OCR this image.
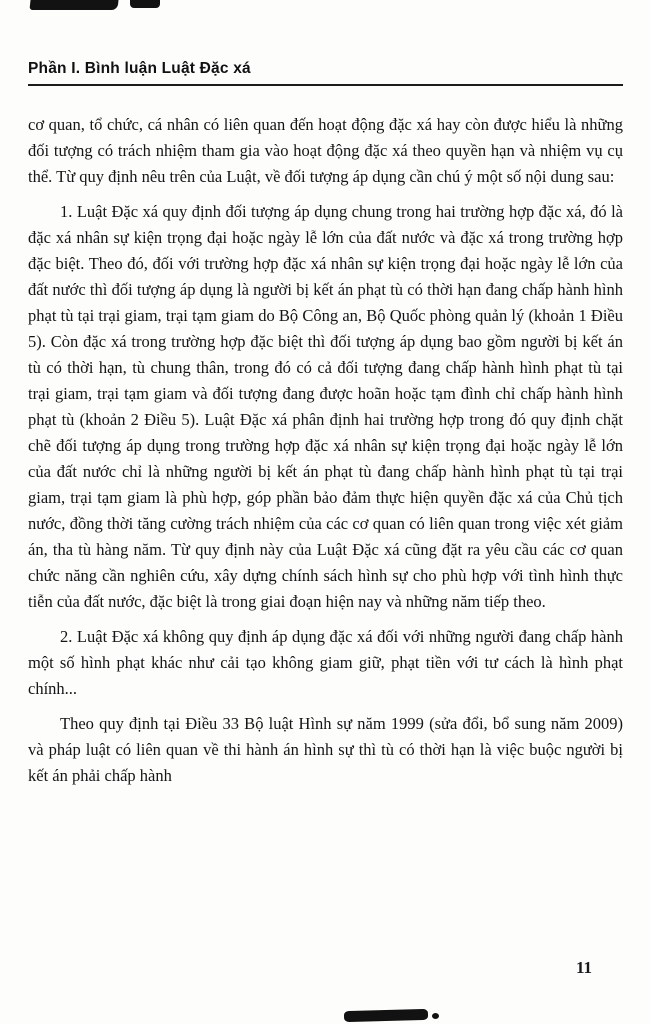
Phần I. Bình luận Luật Đặc xá

cơ quan, tổ chức, cá nhân có liên quan đến hoạt động đặc xá hay còn được hiểu là những đối tượng có trách nhiệm tham gia vào hoạt động đặc xá theo quyền hạn và nhiệm vụ cụ thể. Từ quy định nêu trên của Luật, về đối tượng áp dụng cần chú ý một số nội dung sau:

1. Luật Đặc xá quy định đối tượng áp dụng chung trong hai trường hợp đặc xá, đó là đặc xá nhân sự kiện trọng đại hoặc ngày lễ lớn của đất nước và đặc xá trong trường hợp đặc biệt. Theo đó, đối với trường hợp đặc xá nhân sự kiện trọng đại hoặc ngày lễ lớn của đất nước thì đối tượng áp dụng là người bị kết án phạt tù có thời hạn đang chấp hành hình phạt tù tại trại giam, trại tạm giam do Bộ Công an, Bộ Quốc phòng quản lý (khoản 1 Điều 5). Còn đặc xá trong trường hợp đặc biệt thì đối tượng áp dụng bao gồm người bị kết án tù có thời hạn, tù chung thân, trong đó có cả đối tượng đang chấp hành hình phạt tù tại trại giam, trại tạm giam và đối tượng đang được hoãn hoặc tạm đình chỉ chấp hành hình phạt tù (khoản 2 Điều 5). Luật Đặc xá phân định hai trường hợp trong đó quy định chặt chẽ đối tượng áp dụng trong trường hợp đặc xá nhân sự kiện trọng đại hoặc ngày lễ lớn của đất nước chỉ là những người bị kết án phạt tù đang chấp hành hình phạt tù tại trại giam, trại tạm giam là phù hợp, góp phần bảo đảm thực hiện quyền đặc xá của Chủ tịch nước, đồng thời tăng cường trách nhiệm của các cơ quan có liên quan trong việc xét giảm án, tha tù hàng năm. Từ quy định này của Luật Đặc xá cũng đặt ra yêu cầu các cơ quan chức năng cần nghiên cứu, xây dựng chính sách hình sự cho phù hợp với tình hình thực tiễn của đất nước, đặc biệt là trong giai đoạn hiện nay và những năm tiếp theo.

2. Luật Đặc xá không quy định áp dụng đặc xá đối với những người đang chấp hành một số hình phạt khác như cải tạo không giam giữ, phạt tiền với tư cách là hình phạt chính...

Theo quy định tại Điều 33 Bộ luật Hình sự năm 1999 (sửa đổi, bổ sung năm 2009) và pháp luật có liên quan về thi hành án hình sự thì tù có thời hạn là việc buộc người bị kết án phải chấp hành

11
